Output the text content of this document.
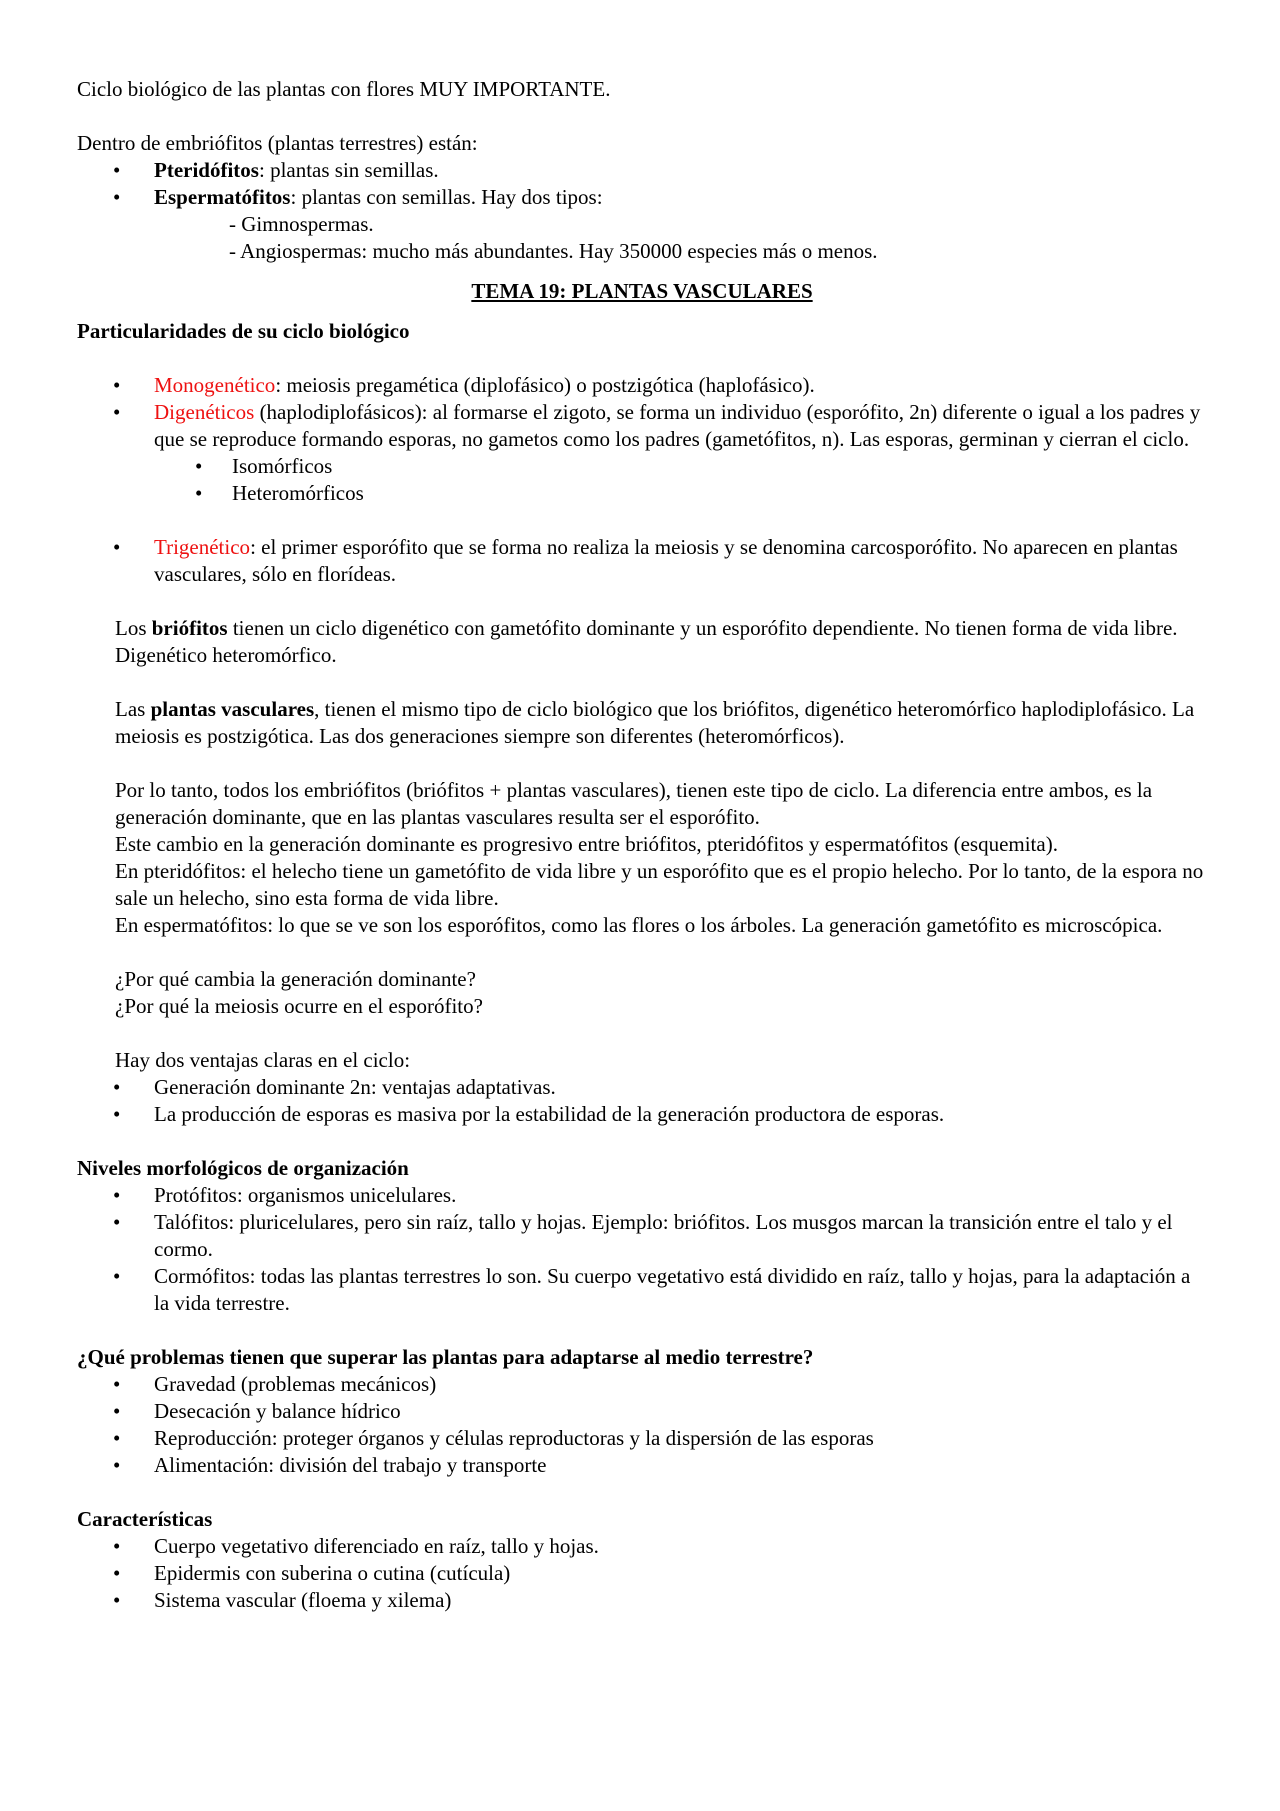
Ciclo biológico de las plantas con flores MUY IMPORTANTE.

Dentro de embriófitos (plantas terrestres) están:

• Pteridófitos: plantas sin semillas.
• Espermatófitos: plantas con semillas. Hay dos tipos:

- Gimnospermas.

- Angiospermas: mucho más abundantes. Hay 350000 especies más o menos.

TEMA 19: PLANTAS VASCULARES

Particularidades de su ciclo biológico

• Monogenético: meiosis pregamética (diplofásico) o postzigótica (haplofásico).
• Digenéticos (haplodiplofásicos): al formarse el zigoto, se forma un individuo (esporófito, 2n) diferente o igual a los padres y que se reproduce formando esporas, no gametos como los padres (gametófitos, n). Las esporas, germinan y cierran el ciclo.
• Isomórficos
• Heteromórficos
• Trigenético: el primer esporófito que se forma no realiza la meiosis y se denomina carcosporófito. No aparecen en plantas vasculares, sólo en florídeas.

Los briófitos tienen un ciclo digenético con gametófito dominante y un esporófito dependiente. No tienen forma de vida libre. Digenético heteromórfico.

Las plantas vasculares, tienen el mismo tipo de ciclo biológico que los briófitos, digenético heteromórfico haplodiplofásico. La meiosis es postzigótica. Las dos generaciones siempre son diferentes (heteromórficos).

Por lo tanto, todos los embriófitos (briófitos + plantas vasculares), tienen este tipo de ciclo. La diferencia entre ambos, es la generación dominante, que en las plantas vasculares resulta ser el esporófito.

Este cambio en la generación dominante es progresivo entre briófitos, pteridófitos y espermatófitos (esquemita).

En pteridófitos: el helecho tiene un gametófito de vida libre y un esporófito que es el propio helecho. Por lo tanto, de la espora no sale un helecho, sino esta forma de vida libre.

En espermatófitos: lo que se ve son los esporófitos, como las flores o los árboles. La generación gametófito es microscópica.

¿Por qué cambia la generación dominante?

¿Por qué la meiosis ocurre en el esporófito?

Hay dos ventajas claras en el ciclo:

• Generación dominante 2n: ventajas adaptativas.
• La producción de esporas es masiva por la estabilidad de la generación productora de esporas.

Niveles morfológicos de organización

• Protófitos: organismos unicelulares.
• Talófitos: pluricelulares, pero sin raíz, tallo y hojas. Ejemplo: briófitos. Los musgos marcan la transición entre el talo y el cormo.
• Cormófitos: todas las plantas terrestres lo son. Su cuerpo vegetativo está dividido en raíz, tallo y hojas, para la adaptación a la vida terrestre.

¿Qué problemas tienen que superar las plantas para adaptarse al medio terrestre?

• Gravedad (problemas mecánicos)
• Desecación y balance hídrico
• Reproducción: proteger órganos y células reproductoras y la dispersión de las esporas
• Alimentación: división del trabajo y transporte

Características

• Cuerpo vegetativo diferenciado en raíz, tallo y hojas.
• Epidermis con suberina o cutina (cutícula)
• Sistema vascular (floema y xilema)
